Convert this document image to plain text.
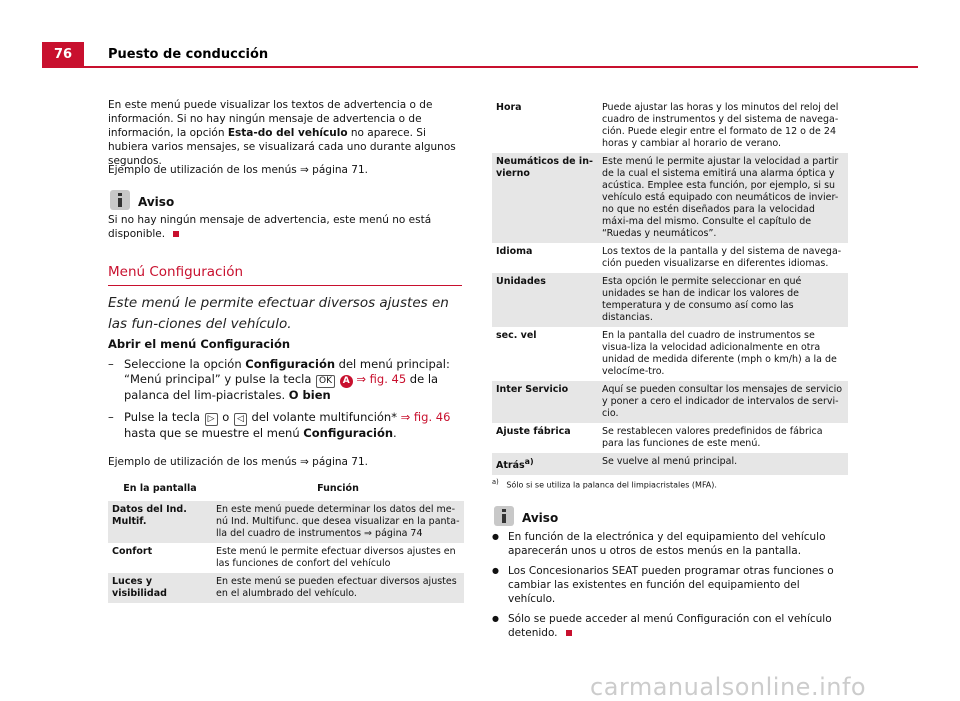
76	Puesto de conducción
En este menú puede visualizar los textos de advertencia o de información. Si no hay ningún mensaje de advertencia o de información, la opción Esta-do del vehículo no aparece. Si hubiera varios mensajes, se visualizará cada uno durante algunos segundos.
Ejemplo de utilización de los menús ⇒ página 71.
Aviso
Si no hay ningún mensaje de advertencia, este menú no está disponible.
Menú Configuración
Este menú le permite efectuar diversos ajustes en las fun-ciones del vehículo.
Abrir el menú Configuración
– Seleccione la opción Configuración del menú principal: “Menú principal” y pulse la tecla OK A ⇒ fig. 45 de la palanca del lim-piacristales. O bien
– Pulse la tecla ▷ o ◁ del volante multifunción* ⇒ fig. 46 hasta que se muestre el menú Configuración.
Ejemplo de utilización de los menús ⇒ página 71.
En la pantalla	Función
Datos del Ind. Multif.	En este menú puede determinar los datos del me-nú Ind. Multifunc. que desea visualizar en la panta-lla del cuadro de instrumentos ⇒ página 74
Confort	Este menú le permite efectuar diversos ajustes en las funciones de confort del vehículo
Luces y visibilidad	En este menú se pueden efectuar diversos ajustes en el alumbrado del vehículo.
Hora	Puede ajustar las horas y los minutos del reloj del cuadro de instrumentos y del sistema de navega-ción. Puede elegir entre el formato de 12 o de 24 horas y cambiar al horario de verano.
Neumáticos de in-vierno	Este menú le permite ajustar la velocidad a partir de la cual el sistema emitirá una alarma óptica y acústica. Emplee esta función, por ejemplo, si su vehículo está equipado con neumáticos de invier-no que no estén diseñados para la velocidad máxi-ma del mismo. Consulte el capítulo de “Ruedas y neumáticos”.
Idioma	Los textos de la pantalla y del sistema de navega-ción pueden visualizarse en diferentes idiomas.
Unidades	Esta opción le permite seleccionar en qué unidades se han de indicar los valores de temperatura y de consumo así como las distancias.
sec. vel	En la pantalla del cuadro de instrumentos se visua-liza la velocidad adicionalmente en otra unidad de medida diferente (mph o km/h) a la de velocíme-tro.
Inter Servicio	Aquí se pueden consultar los mensajes de servicio y poner a cero el indicador de intervalos de servi-cio.
Ajuste fábrica	Se restablecen valores predefinidos de fábrica para las funciones de este menú.
Atrás$^{a)}$	Se vuelve al menú principal.
$^{a)}$ Sólo si se utiliza la palanca del limpiacristales (MFA).
Aviso
● En función de la electrónica y del equipamiento del vehículo aparecerán unos u otros de estos menús en la pantalla.
● Los Concesionarios SEAT pueden programar otras funciones o cambiar las existentes en función del equipamiento del vehículo.
● Sólo se puede acceder al menú Configuración con el vehículo detenido.
carmanualsonline.info
